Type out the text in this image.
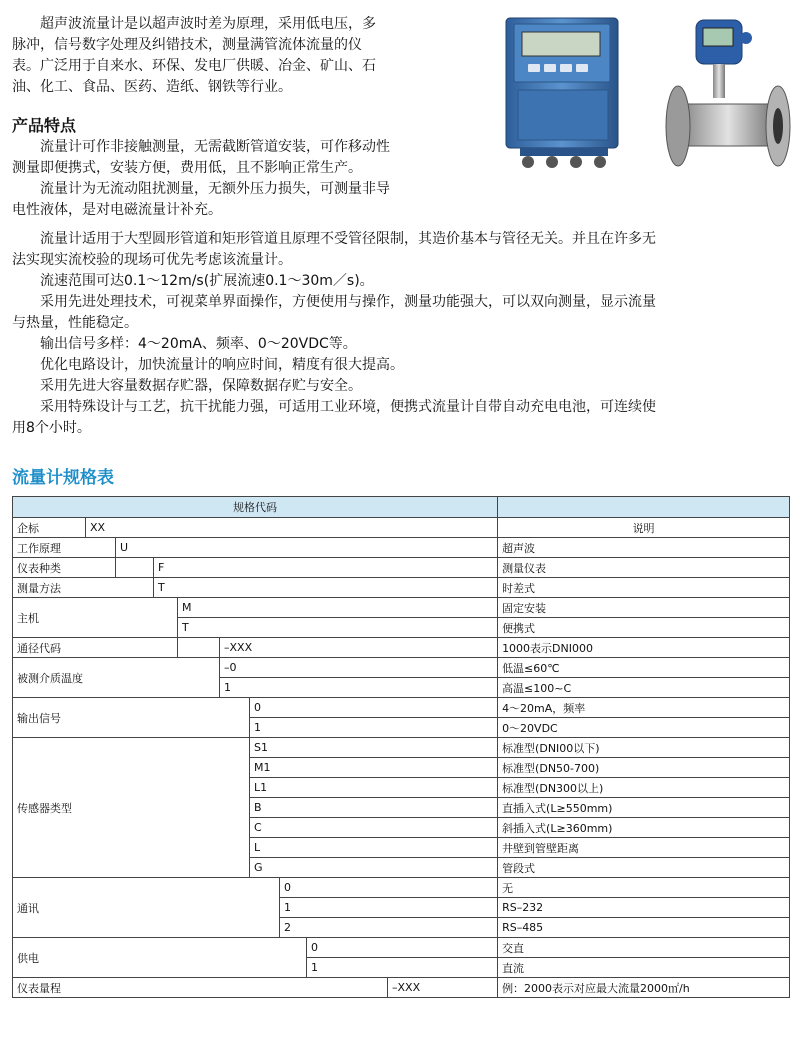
超声波流量计是以超声波时差为原理，采用低电压，多
脉冲，信号数字处理及纠错技术，测量满管流体流量的仪
表。广泛用于自来水、环保、发电厂供暖、冶金、矿山、石
油、化工、食品、医药、造纸、钢铁等行业。
产品特点
流量计可作非接触测量，无需截断管道安装，可作移动性
测量即便携式，安装方便，费用低，且不影响正常生产。
流量计为无流动阻扰测量，无额外压力损失，可测量非导
电性液体，是对电磁流量计补充。
流量计适用于大型圆形管道和矩形管道且原理不受管径限制，其造价基本与管径无关。并且在许多无
法实现实流校验的现场可优先考虑该流量计。
流速范围可达0.1～12m/s(扩展流速0.1～30m／s)。
采用先进处理技术，可视菜单界面操作，方便使用与操作，测量功能强大，可以双向测量，显示流量
与热量，性能稳定。
输出信号多样：4～20mA、频率、0～20VDC等。
优化电路设计，加快流量计的响应时间，精度有很大提高。
采用先进大容量数据存贮器，保障数据存贮与安全。
采用特殊设计与工艺，抗干扰能力强，可适用工业环境，便携式流量计自带自动充电电池，可连续使
用8个小时。
流量计规格表
规格代码										
企标	XX									说明
工作原理		U								超声波
仪表种类			F							测量仪表
测量方法			T							时差式
主机				M						固定安装
				T						便携式
通径代码					–XXX					1000表示DNI000
被测介质温度					–0					低温≤60℃
					1					高温≤100~C
输出信号						0				4～20mA，频率
						1				0～20VDC
传感器类型						S1				标准型(DNI00以下)
						M1				标准型(DN50-700)
						L1				标准型(DN300以上)
						B				直插入式(L≥550mm)
						C				斜插入式(L≥360mm)
						L				井壁到管壁距离
						G				管段式
通讯							0			无
							1			RS–232
							2			RS–485
供电								0		交直
								1		直流
仪表量程									–XXX	例：2000表示对应最大流量2000㎡/h
